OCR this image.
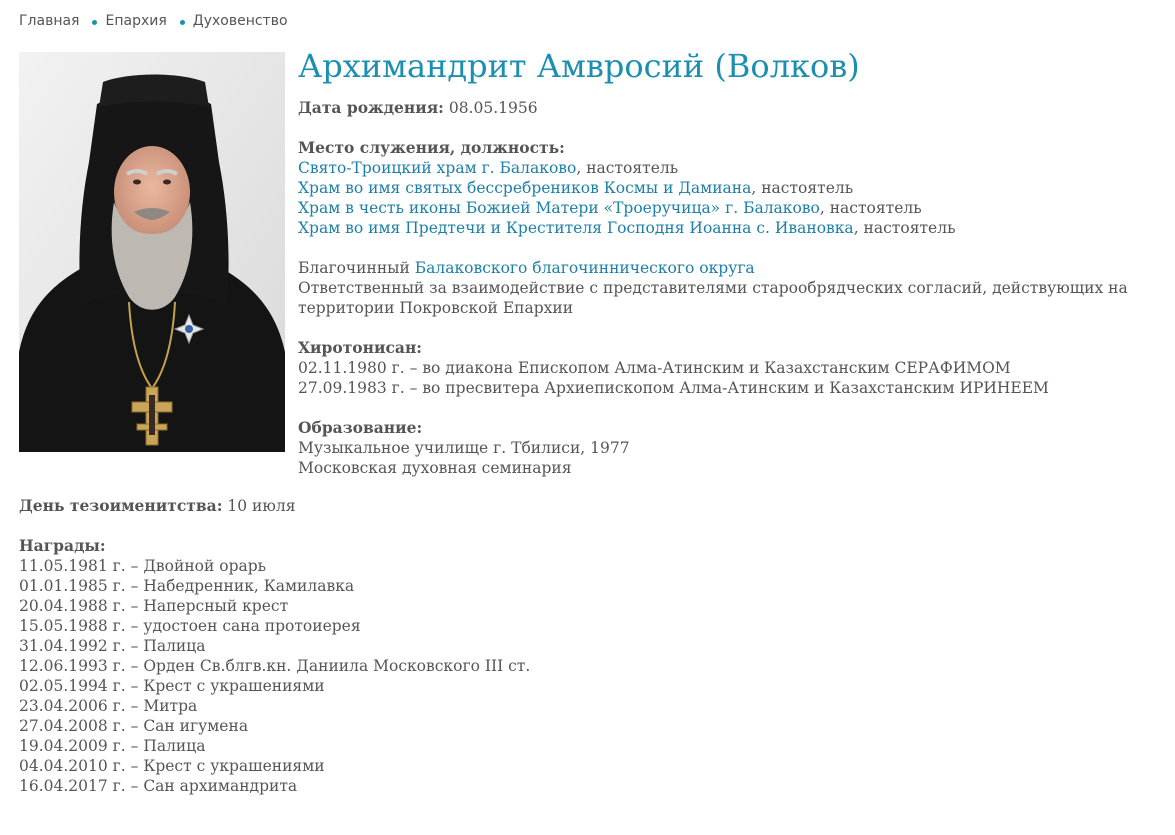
Главная Епархия Духовенство
Архимандрит Амвросий (Волков)
Дата рождения: 08.05.1956
Место служения, должность:
Свято-Троицкий храм г. Балаково, настоятель
Храм во имя святых бессребреников Космы и Дамиана, настоятель
Храм в честь иконы Божией Матери «Троеручица» г. Балаково, настоятель
Храм во имя Предтечи и Крестителя Господня Иоанна с. Ивановка, настоятель
Благочинный Балаковского благочиннического округа
Ответственный за взаимодействие с представителями старообрядческих согласий, действующих на территории Покровской Епархии
Хиротонисан:
02.11.1980 г. – во диакона Епископом Алма-Атинским и Казахстанским СЕРАФИМОМ
27.09.1983 г. – во пресвитера Архиепископом Алма-Атинским и Казахстанским ИРИНЕЕМ
Образование:
Музыкальное училище г. Тбилиси, 1977
Московская духовная семинария
День тезоименитства: 10 июля
Награды:
11.05.1981 г. – Двойной орарь
01.01.1985 г. – Набедренник, Камилавка
20.04.1988 г. – Наперсный крест
15.05.1988 г. – удостоен сана протоиерея
31.04.1992 г. – Палица
12.06.1993 г. – Орден Св.блгв.кн. Даниила Московского III ст.
02.05.1994 г. – Крест с украшениями
23.04.2006 г. – Митра
27.04.2008 г. – Сан игумена
19.04.2009 г. – Палица
04.04.2010 г. – Крест с украшениями
16.04.2017 г. – Сан архимандрита
